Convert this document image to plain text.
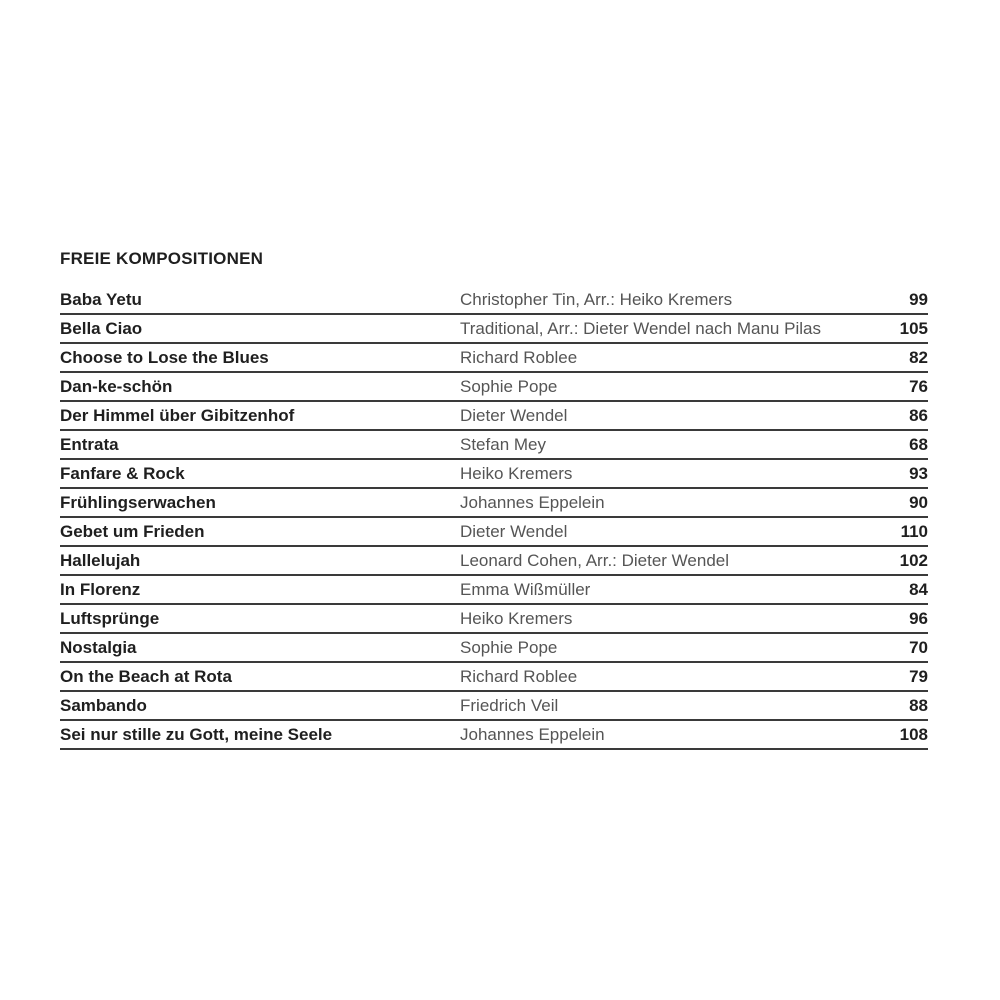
FREIE KOMPOSITIONEN
Baba Yetu	Christopher Tin, Arr.: Heiko Kremers	99
Bella Ciao	Traditional, Arr.: Dieter Wendel nach Manu Pilas	105
Choose to Lose the Blues	Richard Roblee	82
Dan-ke-schön	Sophie Pope	76
Der Himmel über Gibitzenhof	Dieter Wendel	86
Entrata	Stefan Mey	68
Fanfare & Rock	Heiko Kremers	93
Frühlingserwachen	Johannes Eppelein	90
Gebet um Frieden	Dieter Wendel	110
Hallelujah	Leonard Cohen, Arr.: Dieter Wendel	102
In Florenz	Emma Wißmüller	84
Luftsprünge	Heiko Kremers	96
Nostalgia	Sophie Pope	70
On the Beach at Rota	Richard Roblee	79
Sambando	Friedrich Veil	88
Sei nur stille zu Gott, meine Seele	Johannes Eppelein	108
